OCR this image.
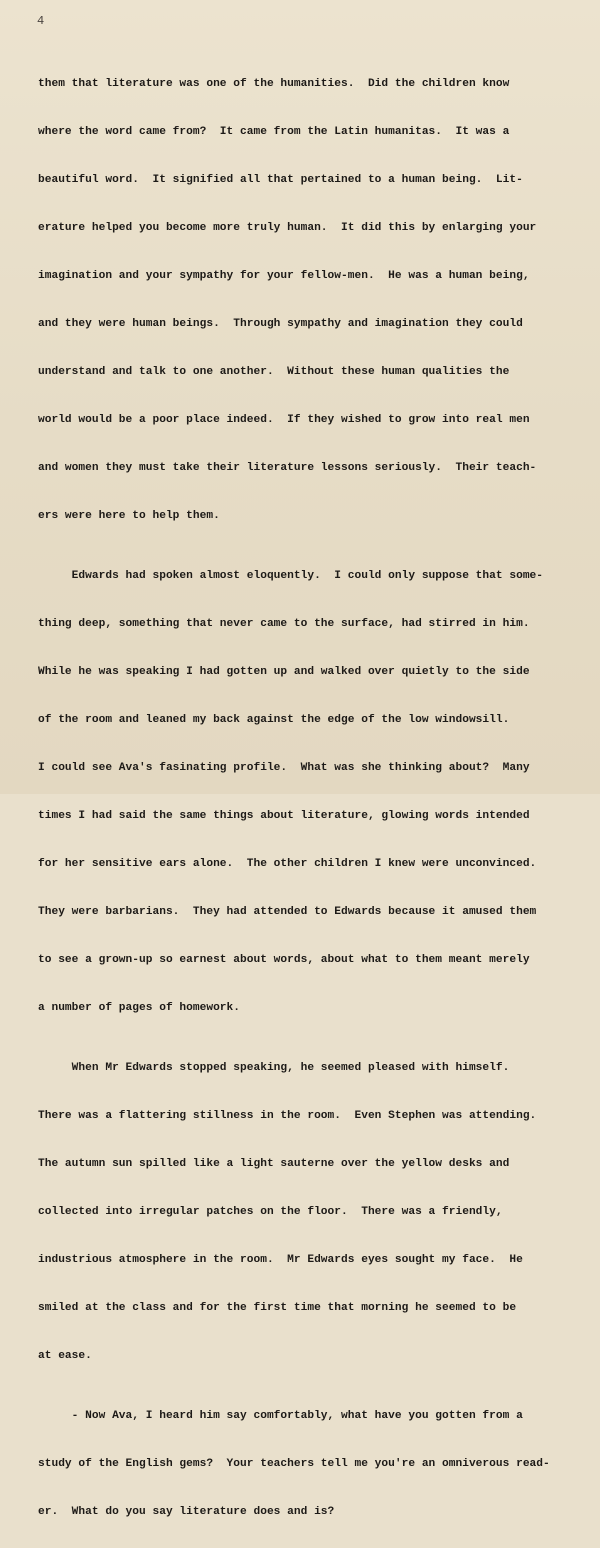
4

them that literature was one of the humanities.  Did the children know

where the word came from?  It came from the Latin humanitas.  It was a

beautiful word.  It signified all that pertained to a human being.  Lit-

erature helped you become more truly human.  It did this by enlarging your

imagination and your sympathy for your fellow-men.  He was a human being,

and they were human beings.  Through sympathy and imagination they could

understand and talk to one another.  Without these human qualities the

world would be a poor place indeed.  If they wished to grow into real men

and women they must take their literature lessons seriously.  Their teach-

ers were here to help them.

Edwards had spoken almost eloquently.  I could only suppose that some-

thing deep, something that never came to the surface, had stirred in him.

While he was speaking I had gotten up and walked over quietly to the side

of the room and leaned my back against the edge of the low windowsill.

I could see Ava's fasinating profile.  What was she thinking about?  Many

times I had said the same things about literature, glowing words intended

for her sensitive ears alone.  The other children I knew were unconvinced.

They were barbarians.  They had attended to Edwards because it amused them

to see a grown-up so earnest about words, about what to them meant merely

a number of pages of homework.

When Mr Edwards stopped speaking, he seemed pleased with himself.

There was a flattering stillness in the room.  Even Stephen was attending.

The autumn sun spilled like a light sauterne over the yellow desks and

collected into irregular patches on the floor.  There was a friendly,

industrious atmosphere in the room.  Mr Edwards eyes sought my face.  He

smiled at the class and for the first time that morning he seemed to be

at ease.

- Now Ava, I heard him say comfortably, what have you gotten from a

study of the English gems?  Your teachers tell me you're an omniverous read-

er.  What do you say literature does and is?
